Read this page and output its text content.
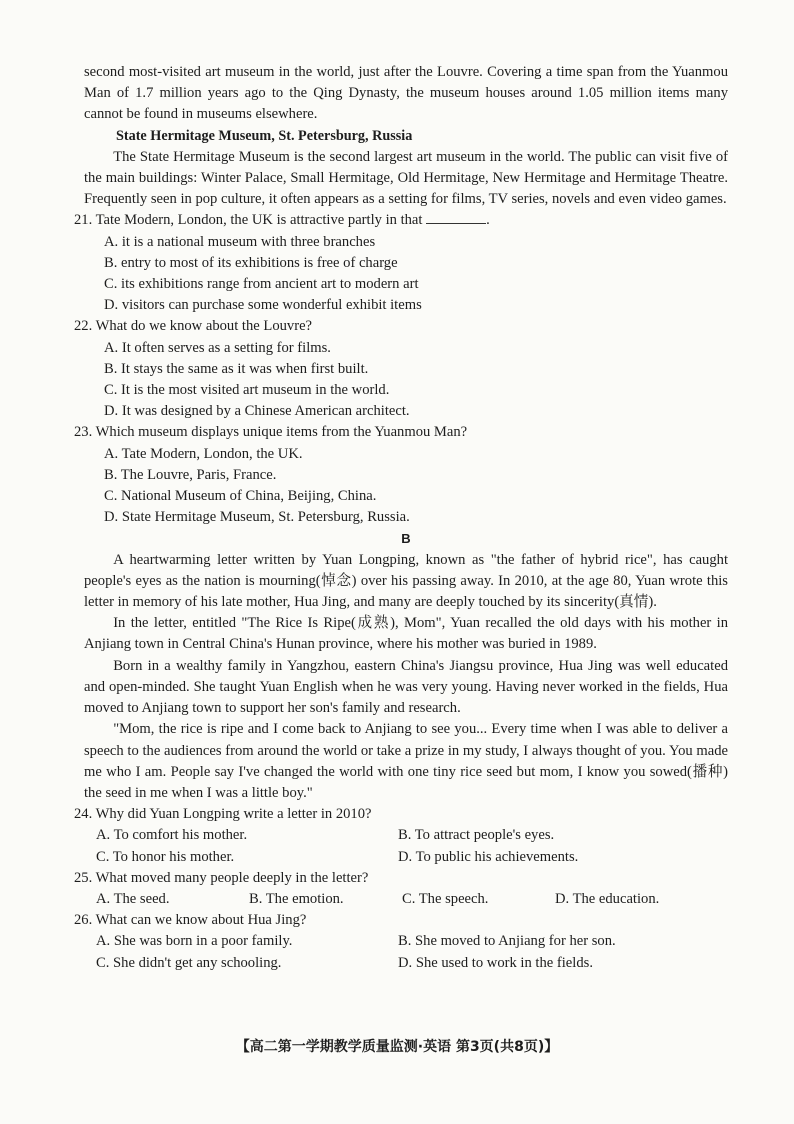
second most-visited art museum in the world, just after the Louvre. Covering a time span from the Yuanmou Man of 1.7 million years ago to the Qing Dynasty, the museum houses around 1.05 million items many cannot be found in museums elsewhere.

State Hermitage Museum, St. Petersburg, Russia

The State Hermitage Museum is the second largest art museum in the world. The public can visit five of the main buildings: Winter Palace, Small Hermitage, Old Hermitage, New Hermitage and Hermitage Theatre. Frequently seen in pop culture, it often appears as a setting for films, TV series, novels and even video games.

21. Tate Modern, London, the UK is attractive partly in that	.

A. it is a national museum with three branches

B. entry to most of its exhibitions is free of charge

C. its exhibitions range from ancient art to modern art

D. visitors can purchase some wonderful exhibit items

22. What do we know about the Louvre?

A. It often serves as a setting for films.

B. It stays the same as it was when first built.

C. It is the most visited art museum in the world.

D. It was designed by a Chinese American architect.

23. Which museum displays unique items from the Yuanmou Man?

A. Tate Modern, London, the UK.

B. The Louvre, Paris, France.

C. National Museum of China, Beijing, China.

D. State Hermitage Museum, St. Petersburg, Russia.

B

A heartwarming letter written by Yuan Longping, known as "the father of hybrid rice", has caught people's eyes as the nation is mourning(悼念) over his passing away. In 2010, at the age 80, Yuan wrote this letter in memory of his late mother, Hua Jing, and many are deeply touched by its sincerity(真情).

In the letter, entitled "The Rice Is Ripe(成熟), Mom", Yuan recalled the old days with his mother in Anjiang town in Central China's Hunan province, where his mother was buried in 1989.

Born in a wealthy family in Yangzhou, eastern China's Jiangsu province, Hua Jing was well educated and open-minded. She taught Yuan English when he was very young. Having never worked in the fields, Hua moved to Anjiang town to support her son's family and research.

"Mom, the rice is ripe and I come back to Anjiang to see you... Every time when I was able to deliver a speech to the audiences from around the world or take a prize in my study, I always thought of you. You made me who I am. People say I've changed the world with one tiny rice seed but mom, I know you sowed(播种) the seed in me when I was a little boy."

24. Why did Yuan Longping write a letter in 2010?

A. To comfort his mother.	B. To attract people's eyes.
C. To honor his mother.	D. To public his achievements.

25. What moved many people deeply in the letter?

A. The seed.	B. The emotion.	C. The speech.	D. The education.

26. What can we know about Hua Jing?

A. She was born in a poor family.	B. She moved to Anjiang for her son.
C. She didn't get any schooling.	D. She used to work in the fields.
【高二第一学期教学质量监测·英语 第3页(共8页)】
